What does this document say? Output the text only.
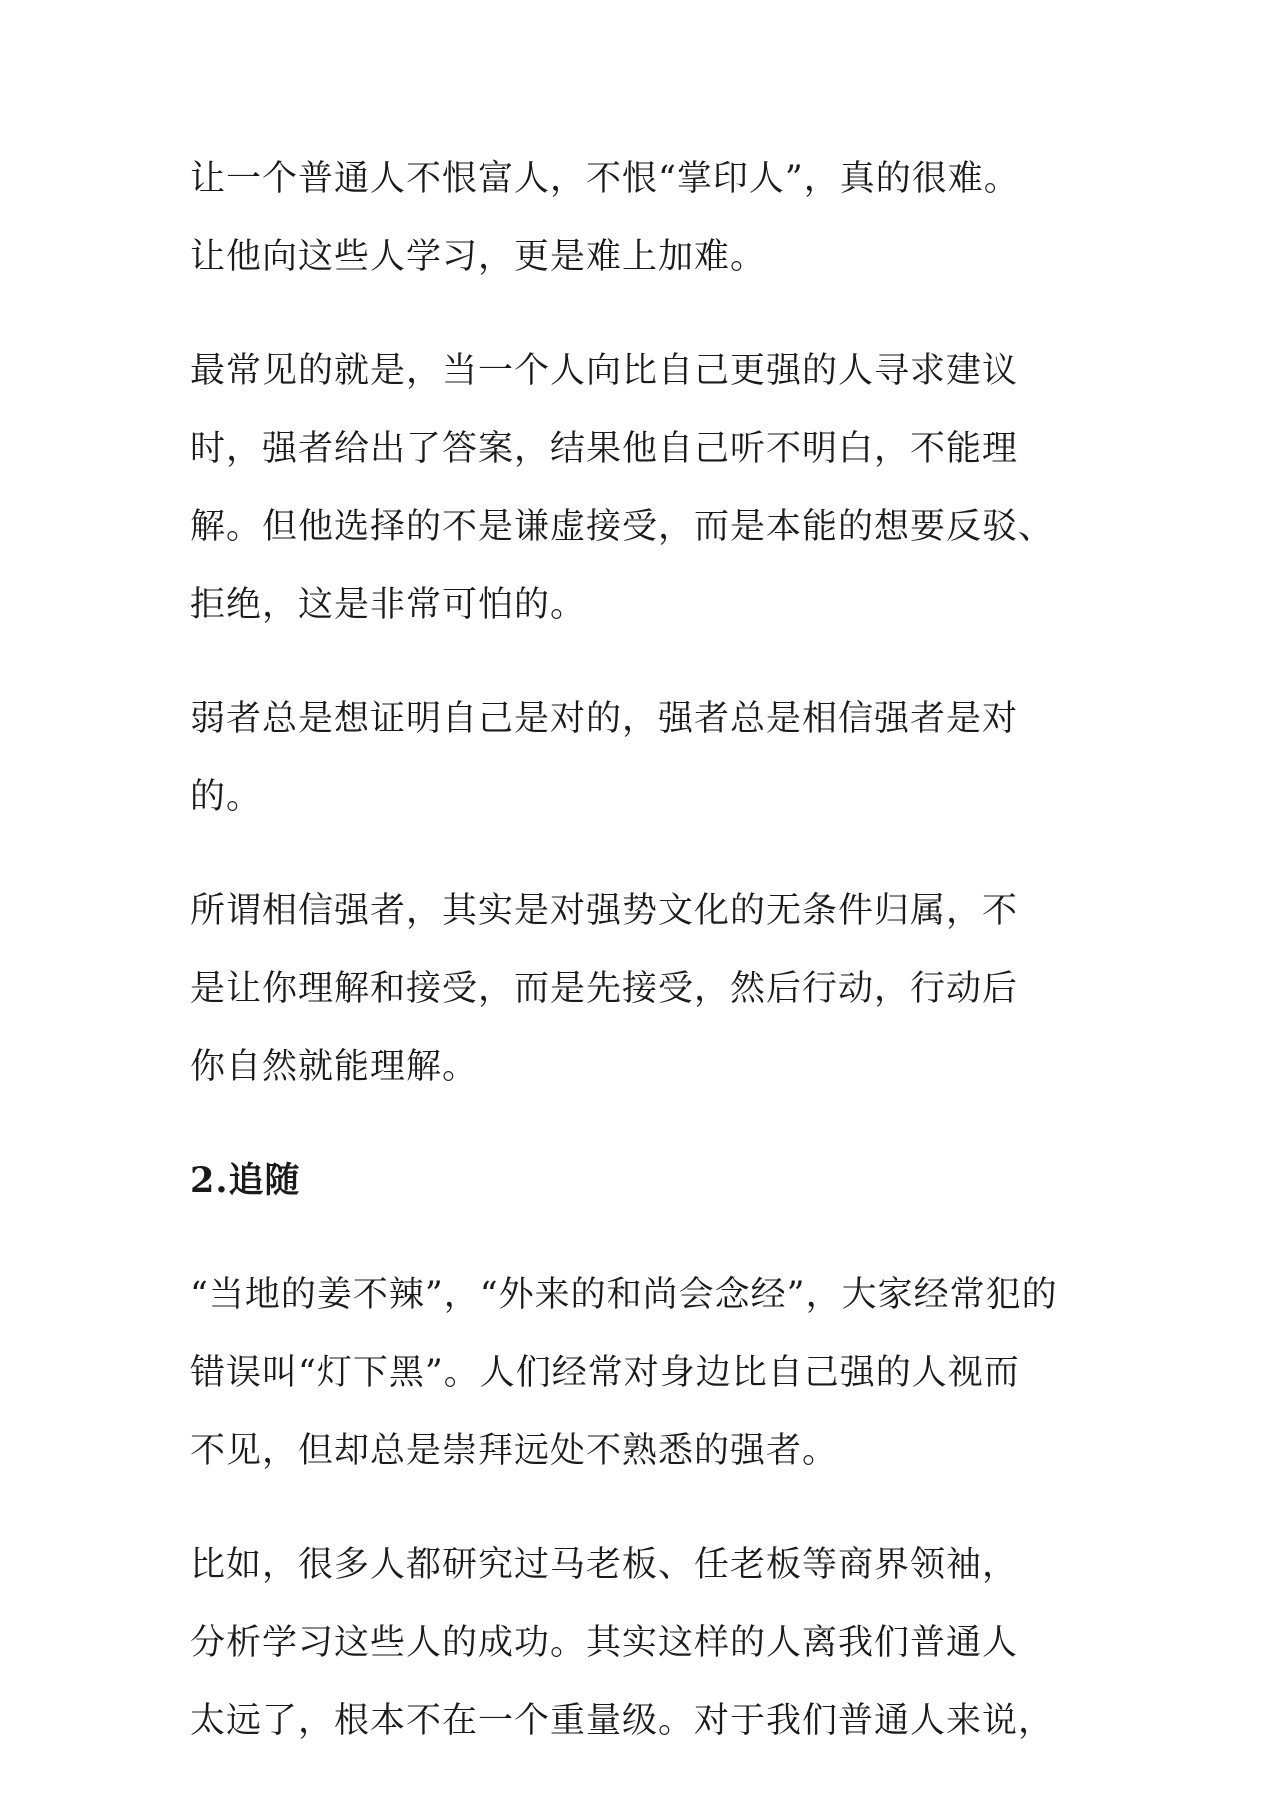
让一个普通人不恨富人，不恨“掌印人”，真的很难。
让他向这些人学习，更是难上加难。

最常见的就是，当一个人向比自己更强的人寻求建议
时，强者给出了答案，结果他自己听不明白，不能理
解。但他选择的不是谦虚接受，而是本能的想要反驳、
拒绝，这是非常可怕的。

弱者总是想证明自己是对的，强者总是相信强者是对
的。

所谓相信强者，其实是对强势文化的无条件归属，不
是让你理解和接受，而是先接受，然后行动，行动后
你自然就能理解。

2.追随

“当地的姜不辣”，“外来的和尚会念经”，大家经常犯的
错误叫“灯下黑”。人们经常对身边比自己强的人视而
不见，但却总是崇拜远处不熟悉的强者。

比如，很多人都研究过马老板、任老板等商界领袖，
分析学习这些人的成功。其实这样的人离我们普通人
太远了，根本不在一个重量级。对于我们普通人来说，
